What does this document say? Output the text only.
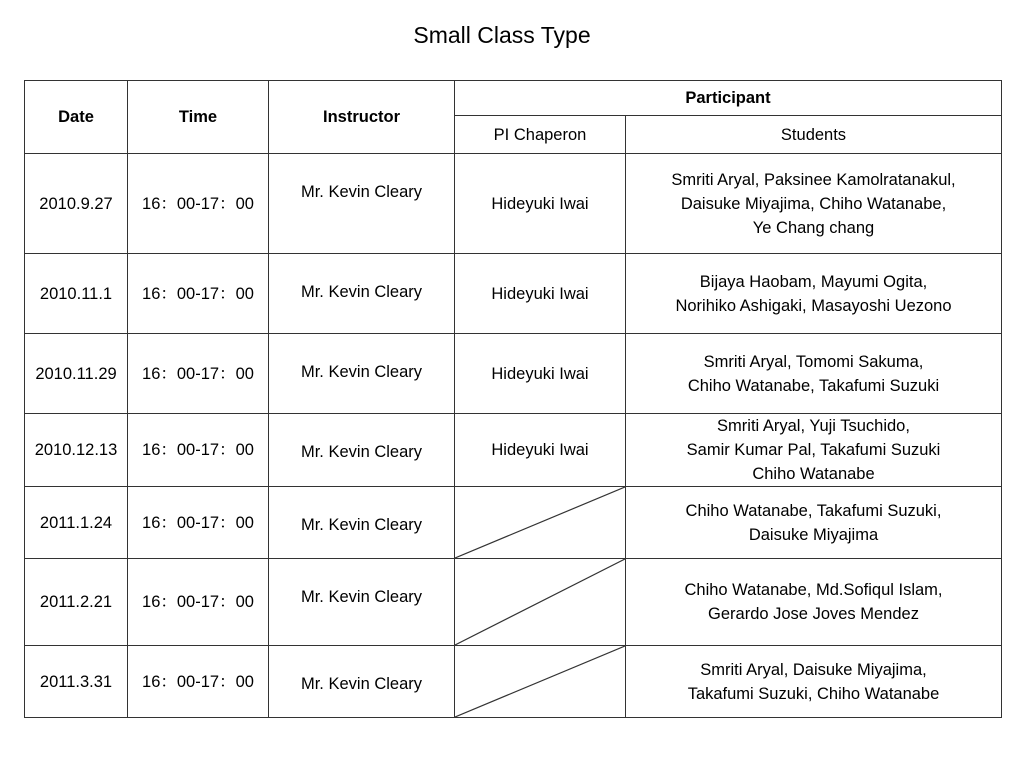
Small Class Type
Date	Time	Instructor	Participant	
			PI Chaperon	Students
2010.9.27	16：00-17：00	Mr. Kevin Cleary	Hideyuki Iwai	Smriti Aryal, Paksinee Kamolratanakul,
Daisuke Miyajima, Chiho Watanabe,
Ye Chang chang

2010.11.1	16：00-17：00	Mr. Kevin Cleary	Hideyuki Iwai	Bijaya Haobam, Mayumi Ogita,
Norihiko Ashigaki, Masayoshi Uezono

2010.11.29	16：00-17：00	Mr. Kevin Cleary	Hideyuki Iwai	Smriti Aryal, Tomomi Sakuma,
Chiho Watanabe, Takafumi Suzuki

2010.12.13	16：00-17：00	Mr. Kevin Cleary	Hideyuki Iwai	Smriti Aryal, Yuji Tsuchido,
Samir Kumar Pal, Takafumi Suzuki
Chiho Watanabe

2011.1.24	16：00-17：00	Mr. Kevin Cleary		Chiho Watanabe, Takafumi Suzuki,
Daisuke Miyajima

2011.2.21	16：00-17：00	Mr. Kevin Cleary		Chiho Watanabe, Md.Sofiqul Islam,
Gerardo Jose Joves Mendez

2011.3.31	16：00-17：00	Mr. Kevin Cleary		Smriti Aryal, Daisuke Miyajima,
Takafumi Suzuki, Chiho Watanabe
